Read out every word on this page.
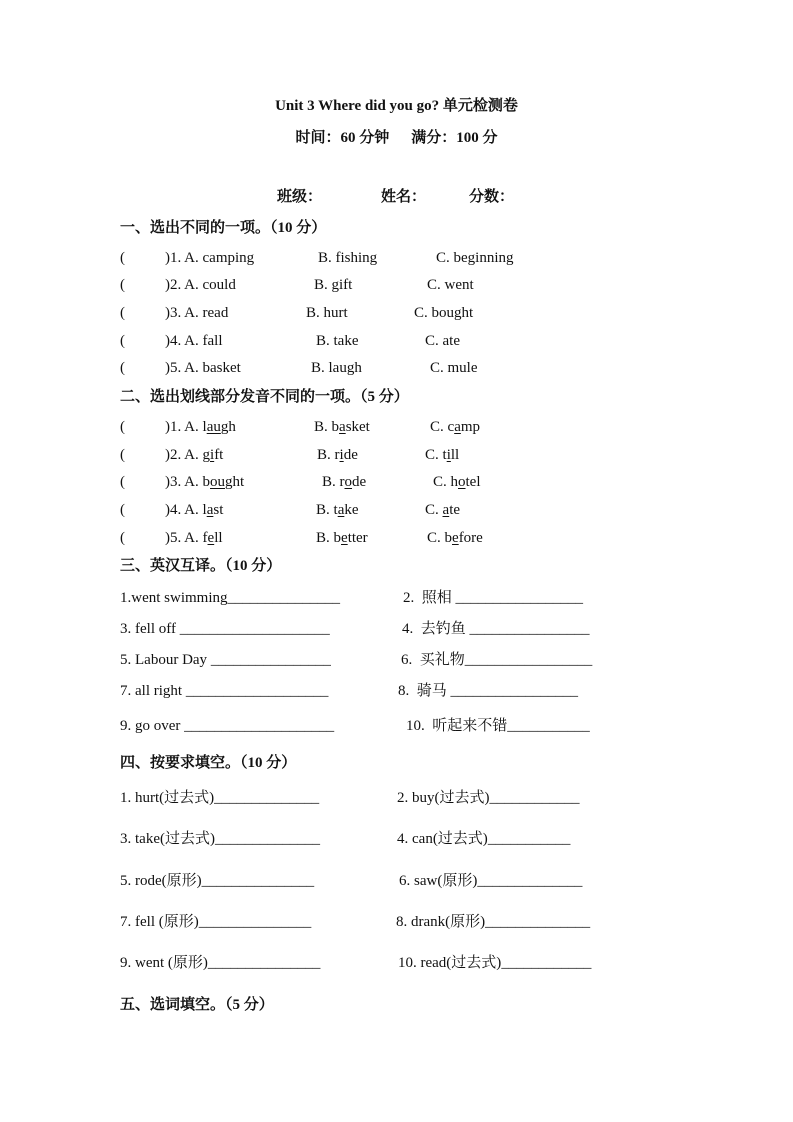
Unit 3 Where did you go? 单元检测卷
时间：60 分钟 满分：100 分
班级：	姓名：	分数：
一、选出不同的一项。（10 分）
(	)1. A. camping	B. fishing	C. beginning
(	)2. A. could	B. gift	C. went
(	)3. A. read	B. hurt	C. bought
(	)4. A. fall	B. take	C. ate
(	)5. A. basket	B. laugh	C. mule
二、选出划线部分发音不同的一项。（5 分）
(	)1. A. laugh	B. basket	C. camp
(	)2. A. gift	B. ride	C. till
(	)3. A. bought	B. rode	C. hotel
(	)4. A. last	B. take	C. ate
(	)5. A. fell	B. better	C. before
三、英汉互译。（10 分）
1.went swimming_______________	2.  照相 _________________
3. fell off ____________________	4.  去钓鱼 ________________
5. Labour Day ________________	6.  买礼物_________________
7. all right ___________________	8.  骑马 _________________
9. go over ____________________	10.  听起来不错___________
四、按要求填空。（10 分）
1. hurt(过去式)______________	2. buy(过去式)____________
3. take(过去式)______________	4. can(过去式)___________
5. rode(原形)_______________	6. saw(原形)______________
7. fell (原形)_______________	8. drank(原形)______________
9. went (原形)_______________	10. read(过去式)____________
五、选词填空。（5 分）
